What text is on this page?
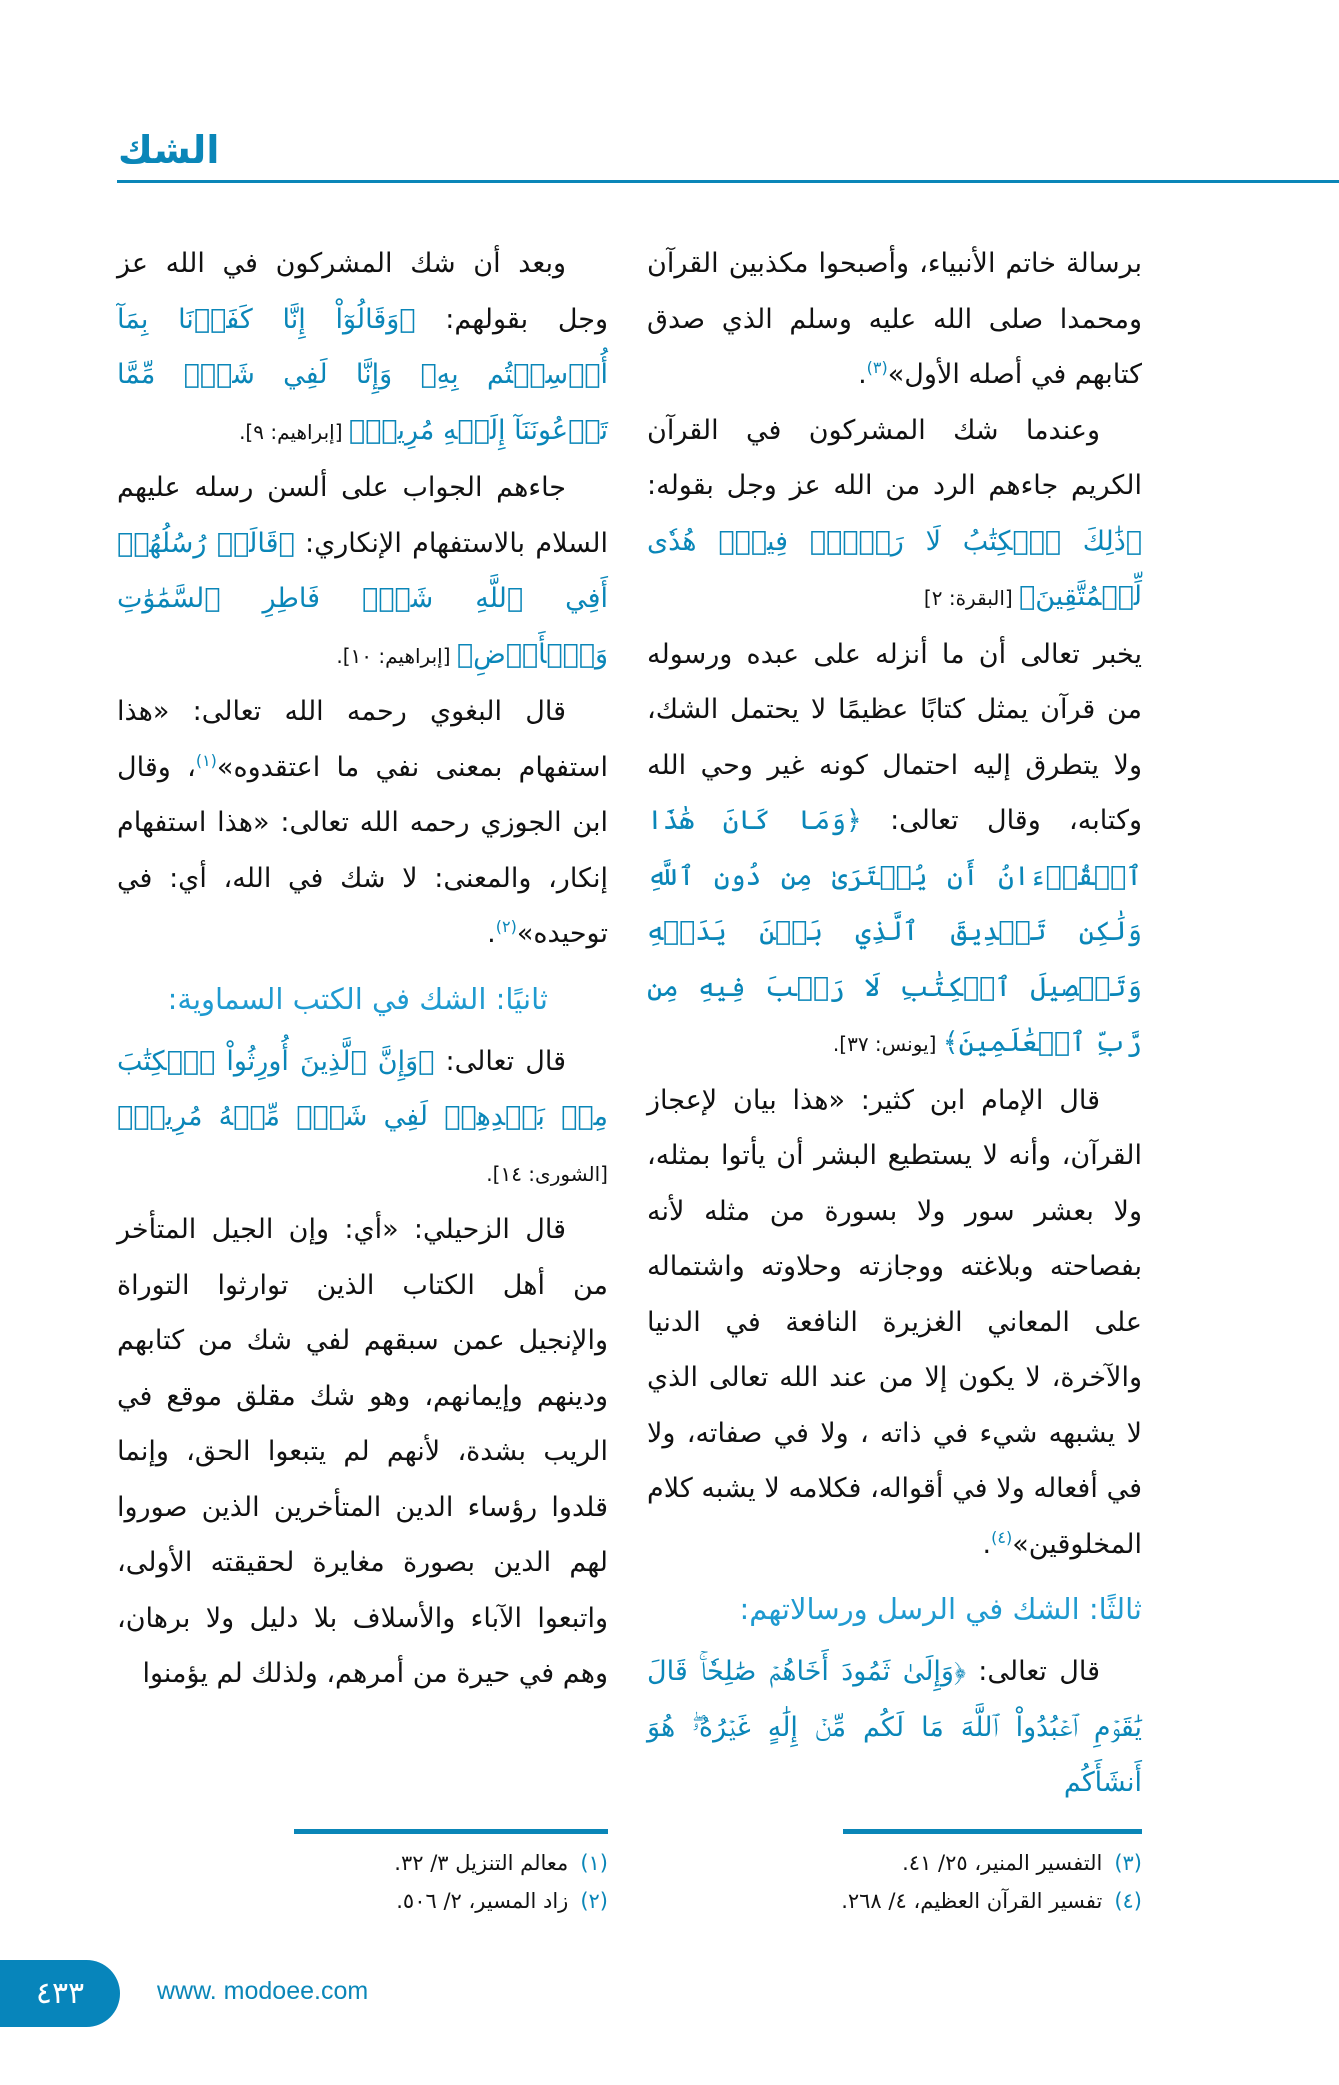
الشك

وبعد أن شك المشركون في الله عز وجل بقولهم: ﴿وَقَالُوٓاْ إِنَّا كَفَرۡنَا بِمَآ أُرۡسِلۡتُم بِهِۦ وَإِنَّا لَفِي شَكّٖ مِّمَّا تَدۡعُونَنَآ إِلَيۡهِ مُرِيبٖ﴾ [إبراهيم: ٩].

جاءهم الجواب على ألسن رسله عليهم السلام بالاستفهام الإنكاري: ﴿قَالَتۡ رُسُلُهُمۡ أَفِي ٱللَّهِ شَكّٞ فَاطِرِ ٱلسَّمَٰوَٰتِ وَٱلۡأَرۡضِ﴾ [إبراهيم: ١٠].

قال البغوي رحمه الله تعالى: «هذا استفهام بمعنى نفي ما اعتقدوه»$^{(١)}$، وقال ابن الجوزي رحمه الله تعالى: «هذا استفهام إنكار، والمعنى: لا شك في الله، أي: في توحيده»$^{(٢)}$.

ثانيًا: الشك في الكتب السماوية:

قال تعالى: ﴿وَإِنَّ ٱلَّذِينَ أُورِثُواْ ٱلۡكِتَٰبَ مِنۢ بَعۡدِهِمۡ لَفِي شَكّٖ مِّنۡهُ مُرِيبٖ﴾[الشورى: ١٤].

قال الزحيلي: «أي: وإن الجيل المتأخر من أهل الكتاب الذين توارثوا التوراة والإنجيل عمن سبقهم لفي شك من كتابهم ودينهم وإيمانهم، وهو شك مقلق موقع في الريب بشدة، لأنهم لم يتبعوا الحق، وإنما قلدوا رؤساء الدين المتأخرين الذين صوروا لهم الدين بصورة مغايرة لحقيقته الأولى، واتبعوا الآباء والأسلاف بلا دليل ولا برهان، وهم في حيرة من أمرهم، ولذلك لم يؤمنوا

(١)معالم التنزيل ٣/ ٣٢.
(٢)زاد المسير، ٢/ ٥٠٦.

برسالة خاتم الأنبياء، وأصبحوا مكذبين القرآن ومحمدا صلى الله عليه وسلم الذي صدق كتابهم في أصله الأول»$^{(٣)}$.

وعندما شك المشركون في القرآن الكريم جاءهم الرد من الله عز وجل بقوله: ﴿ذَٰلِكَ ٱلۡكِتَٰبُ لَا رَيۡبَۛ فِيهِۛ هُدٗى لِّلۡمُتَّقِينَ﴾ [البقرة: ٢]

يخبر تعالى أن ما أنزله على عبده ورسوله من قرآن يمثل كتابًا عظيمًا لا يحتمل الشك، ولا يتطرق إليه احتمال كونه غير وحي الله وكتابه، وقال تعالى: ﴿وَمَا كَانَ هَٰذَا ٱلۡقُرۡءَانُ أَن يُفۡتَرَىٰ مِن دُونِ ٱللَّهِ وَلَٰكِن تَصۡدِيقَ ٱلَّذِي بَيۡنَ يَدَيۡهِ وَتَفۡصِيلَ ٱلۡكِتَٰبِ لَا رَيۡبَ فِيهِ مِن رَّبِّ ٱلۡعَٰلَمِينَ﴾ [يونس: ٣٧].

قال الإمام ابن كثير: «هذا بيان لإعجاز القرآن، وأنه لا يستطيع البشر أن يأتوا بمثله، ولا بعشر سور ولا بسورة من مثله لأنه بفصاحته وبلاغته ووجازته وحلاوته واشتماله على المعاني الغزيرة النافعة في الدنيا والآخرة، لا يكون إلا من عند الله تعالى الذي لا يشبهه شيء في ذاته ، ولا في صفاته، ولا في أفعاله ولا في أقواله، فكلامه لا يشبه كلام المخلوقين»$^{(٤)}$.

ثالثًا: الشك في الرسل ورسالاتهم:

قال تعالى: ﴿وَإِلَىٰ ثَمُودَ أَخَاهُمۡ صَٰلِحٗاۚ قَالَ يَٰقَوۡمِ ٱعۡبُدُواْ ٱللَّهَ مَا لَكُم مِّنۡ إِلَٰهٍ غَيۡرُهُۥۖ هُوَ أَنشَأَكُم

(٣)التفسير المنير، ٢٥/ ٤١.
(٤)تفسير القرآن العظيم، ٤/ ٢٦٨.
٤٣٣	www. modoee.com
